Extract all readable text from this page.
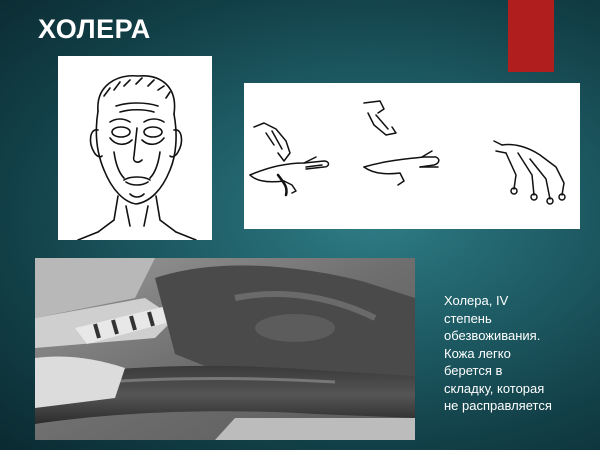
ХОЛЕРА
Холера, IV
степень
обезвоживания.
Кожа легко
берется в
складку, которая
не расправляется
